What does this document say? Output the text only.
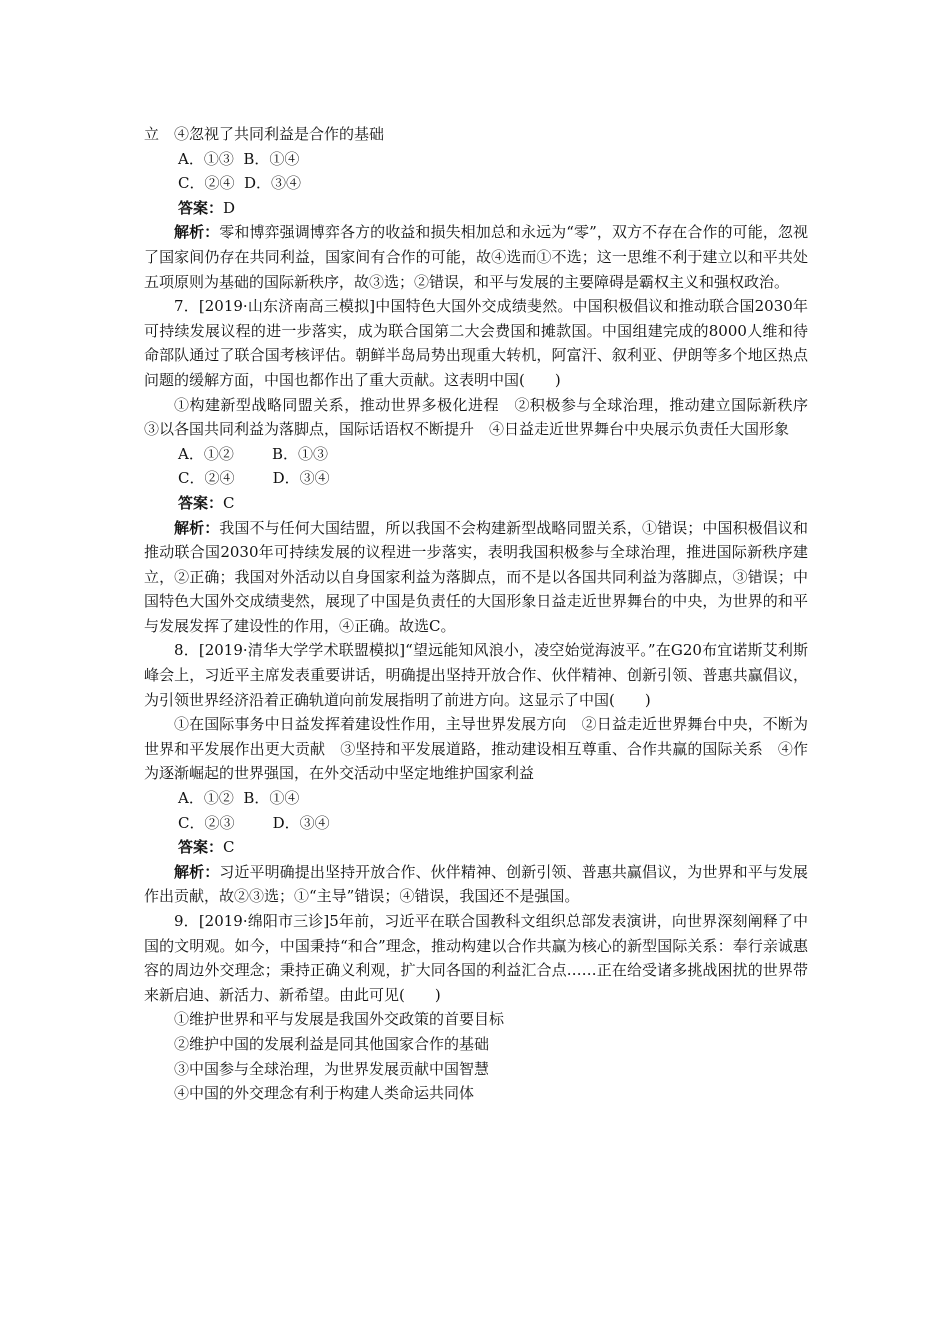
立　④忽视了共同利益是合作的基础

A．①③  B．①④

C．②④  D．③④

答案：D

解析：零和博弈强调博弈各方的收益和损失相加总和永远为“零”，双方不存在合作的可能，忽视了国家间仍存在共同利益，国家间有合作的可能，故④选而①不选；这一思维不利于建立以和平共处五项原则为基础的国际新秩序，故③选；②错误，和平与发展的主要障碍是霸权主义和强权政治。

7．[2019·山东济南高三模拟]中国特色大国外交成绩斐然。中国积极倡议和推动联合国2030年可持续发展议程的进一步落实，成为联合国第二大会费国和摊款国。中国组建完成的8000人维和待命部队通过了联合国考核评估。朝鲜半岛局势出现重大转机，阿富汗、叙利亚、伊朗等多个地区热点问题的缓解方面，中国也都作出了重大贡献。这表明中国(　　)

①构建新型战略同盟关系，推动世界多极化进程　②积极参与全球治理，推动建立国际新秩序　③以各国共同利益为落脚点，国际话语权不断提升　④日益走近世界舞台中央展示负责任大国形象

A．①②        B．①③

C．②④        D．③④

答案：C

解析：我国不与任何大国结盟，所以我国不会构建新型战略同盟关系，①错误；中国积极倡议和推动联合国2030年可持续发展的议程进一步落实，表明我国积极参与全球治理，推进国际新秩序建立，②正确；我国对外活动以自身国家利益为落脚点，而不是以各国共同利益为落脚点，③错误；中国特色大国外交成绩斐然，展现了中国是负责任的大国形象日益走近世界舞台的中央，为世界的和平与发展发挥了建设性的作用，④正确。故选C。

8．[2019·清华大学学术联盟模拟]“望远能知风浪小，凌空始觉海波平。”在G20布宜诺斯艾利斯峰会上，习近平主席发表重要讲话，明确提出坚持开放合作、伙伴精神、创新引领、普惠共赢倡议，为引领世界经济沿着正确轨道向前发展指明了前进方向。这显示了中国(　　)

①在国际事务中日益发挥着建设性作用，主导世界发展方向　②日益走近世界舞台中央，不断为世界和平发展作出更大贡献　③坚持和平发展道路，推动建设相互尊重、合作共赢的国际关系　④作为逐渐崛起的世界强国，在外交活动中坚定地维护国家利益

A．①②  B．①④

C．②③        D．③④

答案：C

解析：习近平明确提出坚持开放合作、伙伴精神、创新引领、普惠共赢倡议，为世界和平与发展作出贡献，故②③选；①“主导”错误；④错误，我国还不是强国。

9．[2019·绵阳市三诊]5年前，习近平在联合国教科文组织总部发表演讲，向世界深刻阐释了中国的文明观。如今，中国秉持“和合”理念，推动构建以合作共赢为核心的新型国际关系：奉行亲诚惠容的周边外交理念；秉持正确义利观，扩大同各国的利益汇合点……正在给受诸多挑战困扰的世界带来新启迪、新活力、新希望。由此可见(　　)

①维护世界和平与发展是我国外交政策的首要目标

②维护中国的发展利益是同其他国家合作的基础

③中国参与全球治理，为世界发展贡献中国智慧

④中国的外交理念有利于构建人类命运共同体
